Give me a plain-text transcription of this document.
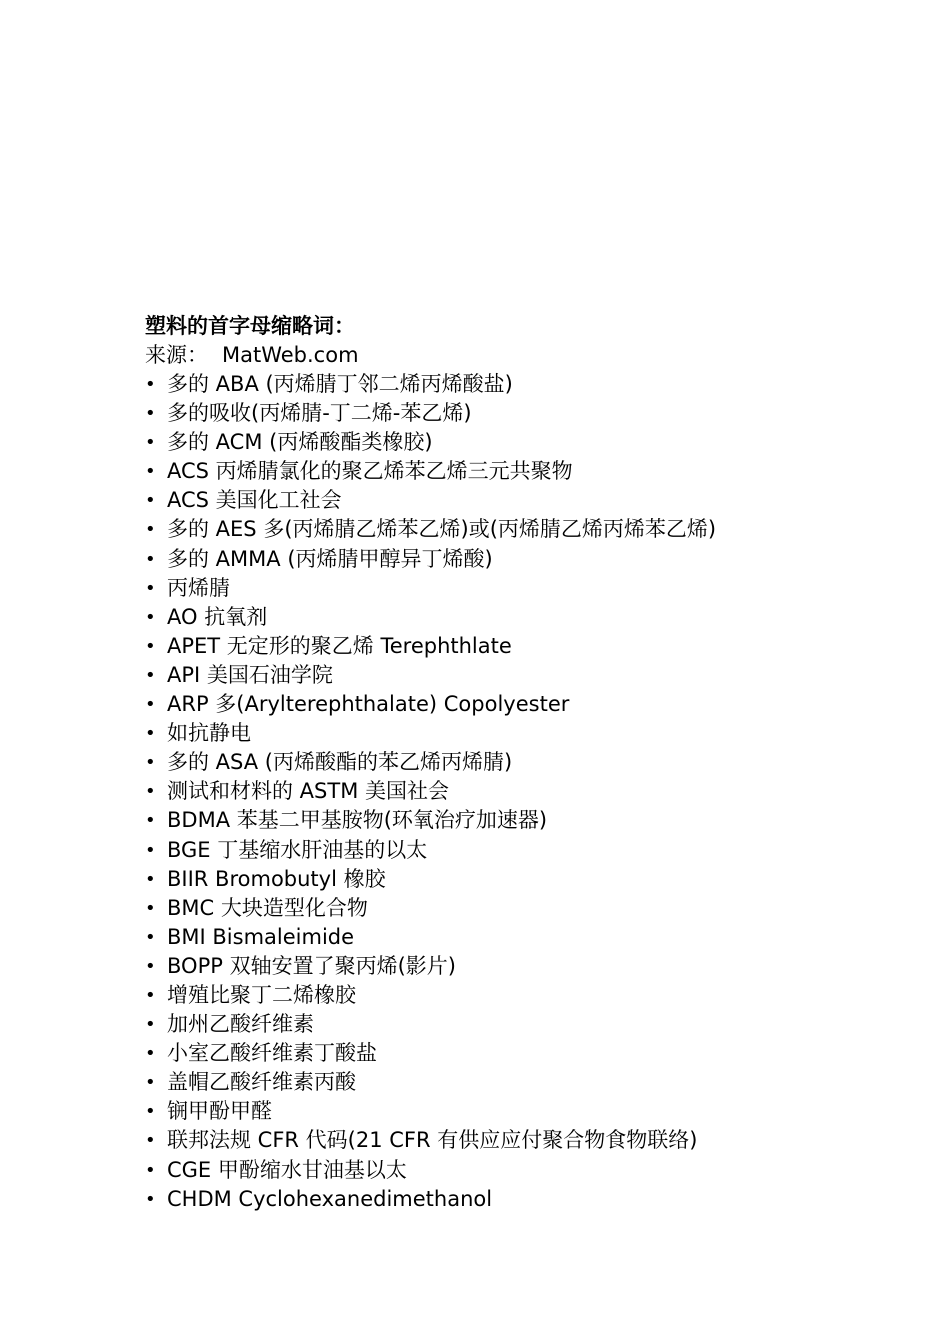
塑料的首字母缩略词：
来源： MatWeb.com
• 多的 ABA (丙烯腈丁邻二烯丙烯酸盐)
• 多的吸收(丙烯腈-丁二烯-苯乙烯)
• 多的 ACM (丙烯酸酯类橡胶)
• ACS 丙烯腈氯化的聚乙烯苯乙烯三元共聚物
• ACS 美国化工社会
• 多的 AES 多(丙烯腈乙烯苯乙烯)或(丙烯腈乙烯丙烯苯乙烯)
• 多的 AMMA (丙烯腈甲醇异丁烯酸)
• 丙烯腈
• AO 抗氧剂
• APET 无定形的聚乙烯 Terephthlate
• API 美国石油学院
• ARP 多(Arylterephthalate) Copolyester
• 如抗静电
• 多的 ASA (丙烯酸酯的苯乙烯丙烯腈)
• 测试和材料的 ASTM 美国社会
• BDMA 苯基二甲基胺物(环氧治疗加速器)
• BGE 丁基缩水肝油基的以太
• BIIR Bromobutyl 橡胶
• BMC 大块造型化合物
• BMI Bismaleimide
• BOPP 双轴安置了聚丙烯(影片)
• 增殖比聚丁二烯橡胶
• 加州乙酸纤维素
• 小室乙酸纤维素丁酸盐
• 盖帽乙酸纤维素丙酸
• 锎甲酚甲醛
• 联邦法规 CFR 代码(21 CFR 有供应应付聚合物食物联络)
• CGE 甲酚缩水甘油基以太
• CHDM Cyclohexanedimethanol
